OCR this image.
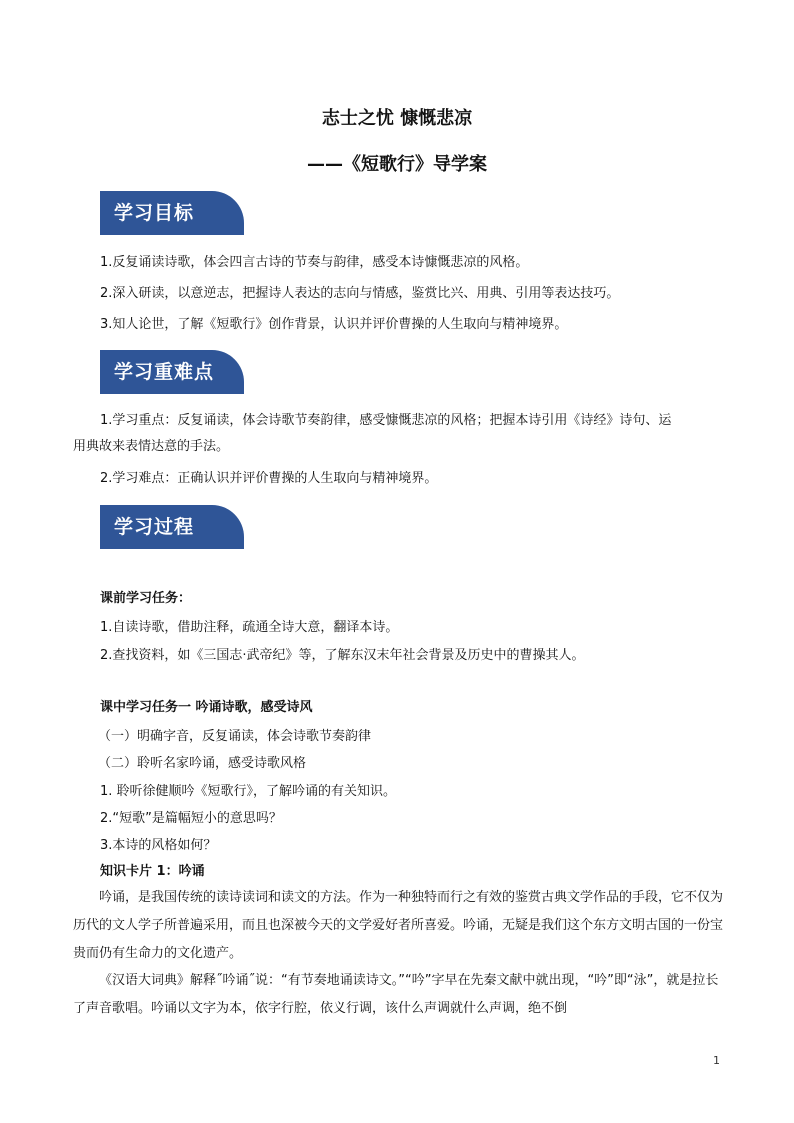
志士之忧 慷慨悲凉
——《短歌行》导学案
学习目标
1.反复诵读诗歌，体会四言古诗的节奏与韵律，感受本诗慷慨悲凉的风格。
2.深入研读，以意逆志，把握诗人表达的志向与情感，鉴赏比兴、用典、引用等表达技巧。
3.知人论世，了解《短歌行》创作背景，认识并评价曹操的人生取向与精神境界。
学习重难点
1.学习重点：反复诵读，体会诗歌节奏韵律，感受慷慨悲凉的风格；把握本诗引用《诗经》诗句、运
用典故来表情达意的手法。
2.学习难点：正确认识并评价曹操的人生取向与精神境界。
学习过程
课前学习任务：
1.自读诗歌，借助注释，疏通全诗大意，翻译本诗。
2.查找资料，如《三国志·武帝纪》等，了解东汉末年社会背景及历史中的曹操其人。
课中学习任务一 吟诵诗歌，感受诗风
（一）明确字音，反复诵读，体会诗歌节奏韵律
（二）聆听名家吟诵，感受诗歌风格
1. 聆听徐健顺吟《短歌行》，了解吟诵的有关知识。
2.“短歌”是篇幅短小的意思吗？
3.本诗的风格如何？
知识卡片 1：吟诵
吟诵，是我国传统的读诗读词和读文的方法。作为一种独特而行之有效的鉴赏古典文学作品的手段，它不仅为历代的文人学子所普遍采用，而且也深被今天的文学爱好者所喜爱。吟诵，无疑是我们这个东方文明古国的一份宝贵而仍有生命力的文化遗产。
《汉语大词典》解释˝吟诵˝说：“有节奏地诵读诗文。”“吟”字早在先秦文献中就出现，“吟”即“泳”，就是拉长了声音歌唱。吟诵以文字为本，依字行腔，依义行调，该什么声调就什么声调，绝不倒
1
